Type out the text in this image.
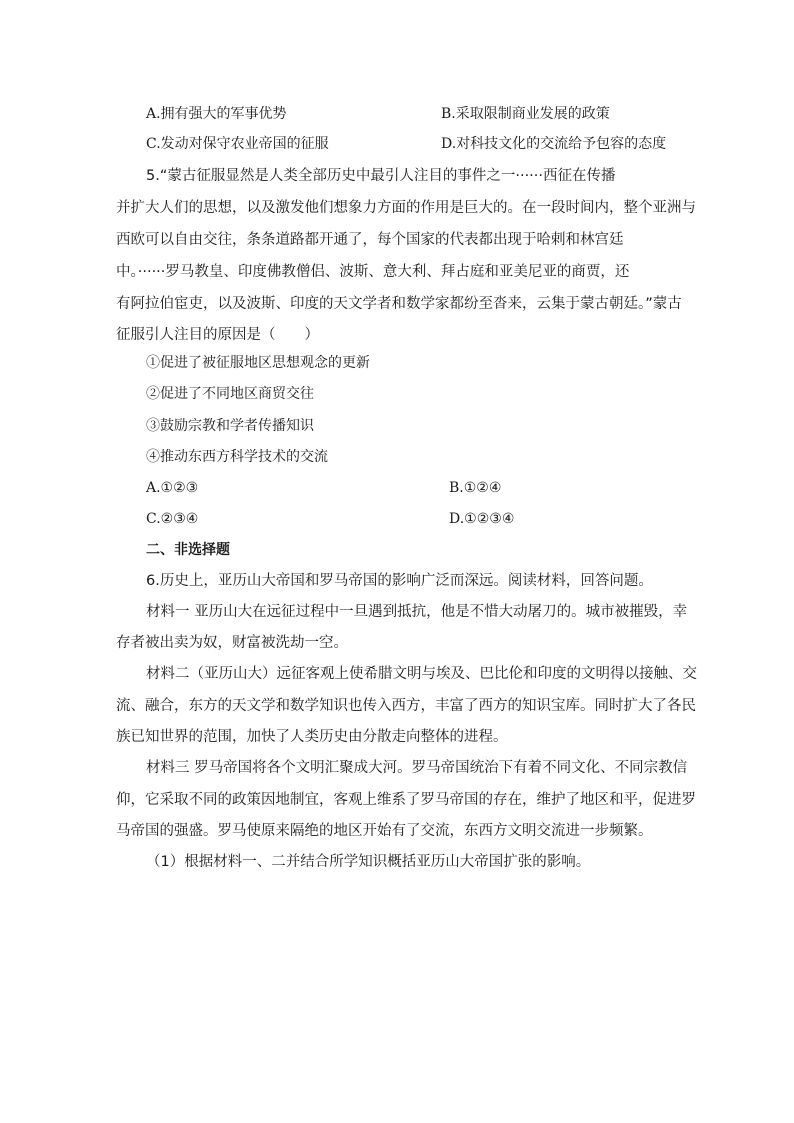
A.拥有强大的军事优势	B.采取限制商业发展的政策
C.发动对保守农业帝国的征服	D.对科技文化的交流给予包容的态度
5.“蒙古征服显然是人类全部历史中最引人注目的事件之一······西征在传播
并扩大人们的思想，以及激发他们想象力方面的作用是巨大的。在一段时间内，整个亚洲与
西欧可以自由交往，条条道路都开通了，每个国家的代表都出现于哈剌和林宫廷
中。······罗马教皇、印度佛教僧侣、波斯、意大利、拜占庭和亚美尼亚的商贾，还
有阿拉伯宦吏，以及波斯、印度的天文学者和数学家都纷至沓来，云集于蒙古朝廷。”蒙古
征服引人注目的原因是（　　）
①促进了被征服地区思想观念的更新
②促进了不同地区商贸交往
③鼓励宗教和学者传播知识
④推动东西方科学技术的交流
A.①②③	B.①②④
C.②③④	D.①②③④
二、非选择题
6.历史上，亚历山大帝国和罗马帝国的影响广泛而深远。阅读材料，回答问题。
材料一 亚历山大在远征过程中一旦遇到抵抗，他是不惜大动屠刀的。城市被摧毁，幸
存者被出卖为奴，财富被洗劫一空。
材料二（亚历山大）远征客观上使希腊文明与埃及、巴比伦和印度的文明得以接触、交
流、融合，东方的天文学和数学知识也传入西方，丰富了西方的知识宝库。同时扩大了各民
族已知世界的范围，加快了人类历史由分散走向整体的进程。
材料三 罗马帝国将各个文明汇聚成大河。罗马帝国统治下有着不同文化、不同宗教信
仰，它采取不同的政策因地制宜，客观上维系了罗马帝国的存在，维护了地区和平，促进罗
马帝国的强盛。罗马使原来隔绝的地区开始有了交流，东西方文明交流进一步频繁。
（1）根据材料一、二并结合所学知识概括亚历山大帝国扩张的影响。
